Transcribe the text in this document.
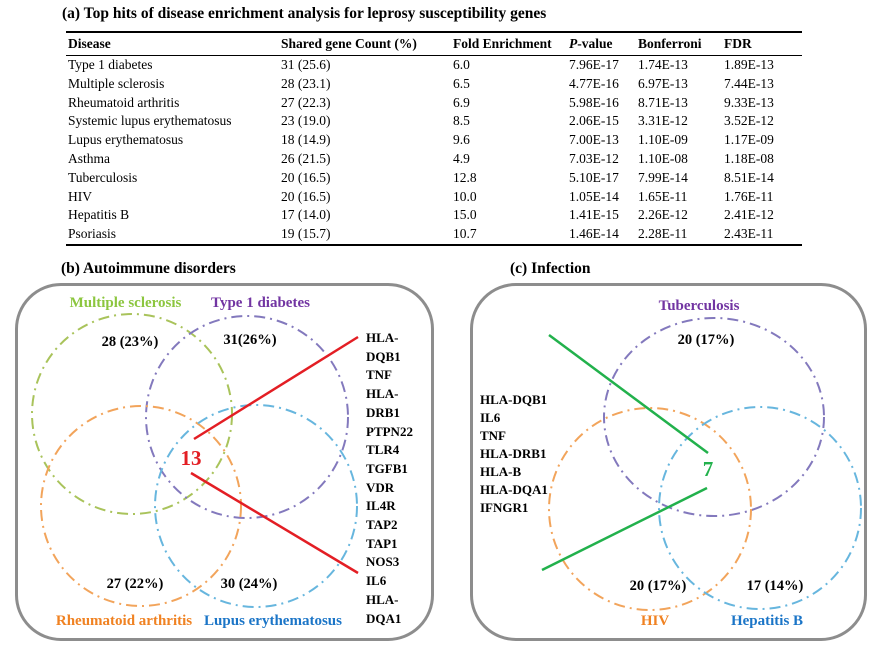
(a) Top hits of disease enrichment analysis for leprosy susceptibility genes
Disease	Shared gene Count (%)	Fold Enrichment	P-value	Bonferroni	FDR
Type 1 diabetes	31 (25.6)	6.0	7.96E-17	1.74E-13	1.89E-13
Multiple sclerosis	28 (23.1)	6.5	4.77E-16	6.97E-13	7.44E-13
Rheumatoid arthritis	27 (22.3)	6.9	5.98E-16	8.71E-13	9.33E-13
Systemic lupus erythematosus	23 (19.0)	8.5	2.06E-15	3.31E-12	3.52E-12
Lupus erythematosus	18 (14.9)	9.6	7.00E-13	1.10E-09	1.17E-09
Asthma	26 (21.5)	4.9	7.03E-12	1.10E-08	1.18E-08
Tuberculosis	20 (16.5)	12.8	5.10E-17	7.99E-14	8.51E-14
HIV	20 (16.5)	10.0	1.05E-14	1.65E-11	1.76E-11
Hepatitis B	17 (14.0)	15.0	1.41E-15	2.26E-12	2.41E-12
Psoriasis	19 (15.7)	10.7	1.46E-14	2.28E-11	2.43E-11
(b) Autoimmune disorders
Multiple sclerosis	Type 1 diabetes
28 (23%)	31(26%)
13
27 (22%)	30 (24%)
Rheumatoid arthritis Lupus erythematosus
HLA-DQB1
TNF
HLA-DRB1
PTPN22
TLR4
TGFB1
VDR
IL4R
TAP2
TAP1
NOS3
IL6
HLA-DQA1
(c) Infection
Tuberculosis
20 (17%)
7
20 (17%)	17 (14%)
HIV	Hepatitis B
HLA-DQB1
IL6
TNF
HLA-DRB1
HLA-B
HLA-DQA1
IFNGR1
